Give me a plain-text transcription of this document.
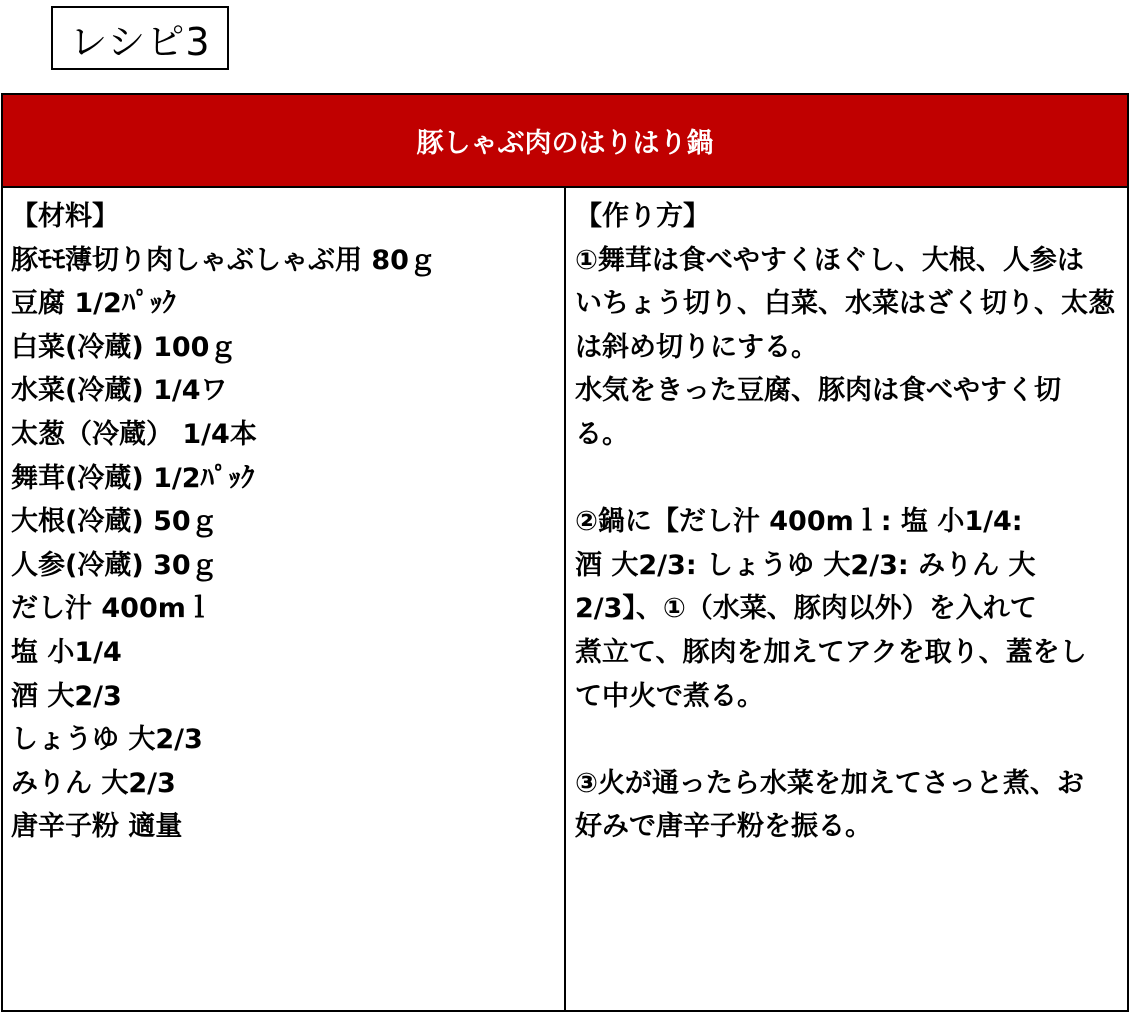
レシピ3
豚しゃぶ肉のはりはり鍋
【材料】
豚ﾓﾓ薄切り肉しゃぶしゃぶ用 80ｇ
豆腐 1/2ﾊﾟｯｸ
白菜(冷蔵) 100ｇ
水菜(冷蔵) 1/4ワ
太葱（冷蔵） 1/4本
舞茸(冷蔵) 1/2ﾊﾟｯｸ
大根(冷蔵) 50ｇ
人参(冷蔵) 30ｇ
だし汁 400mｌ
塩 小1/4
酒 大2/3
しょうゆ 大2/3
みりん 大2/3
唐辛子粉 適量
【作り方】
①舞茸は食べやすくほぐし、大根、人参は
いちょう切り、白菜、水菜はざく切り、太葱
は斜め切りにする。
水気をきった豆腐、豚肉は食べやすく切
る。
②鍋に【だし汁 400mｌ: 塩 小1/4:
酒 大2/3: しょうゆ 大2/3: みりん 大
2/3】、①（水菜、豚肉以外）を入れて
煮立て、豚肉を加えてアクを取り、蓋をし
て中火で煮る。
③火が通ったら水菜を加えてさっと煮、お
好みで唐辛子粉を振る。
